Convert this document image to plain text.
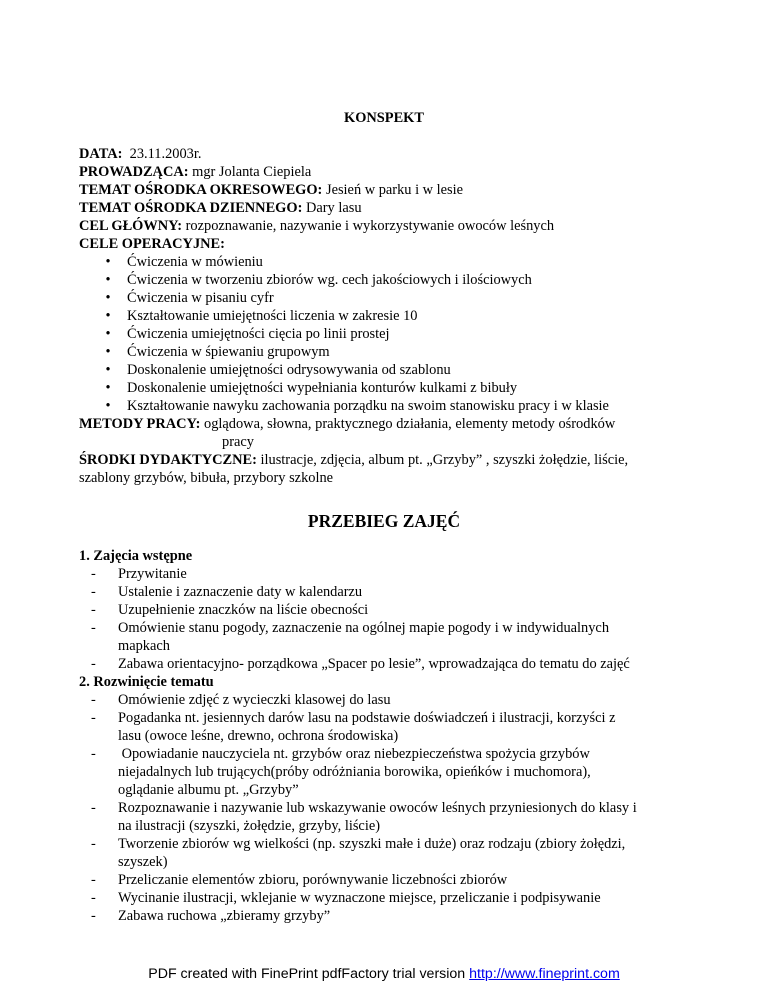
KONSPEKT
DATA: 23.11.2003r.
PROWADZĄCA: mgr Jolanta Ciepiela
TEMAT OŚRODKA OKRESOWEGO: Jesień w parku i w lesie
TEMAT OŚRODKA DZIENNEGO: Dary lasu
CEL GŁÓWNY: rozpoznawanie, nazywanie i wykorzystywanie owoców leśnych
CELE OPERACYJNE:
• Ćwiczenia w mówieniu
• Ćwiczenia w tworzeniu zbiorów wg. cech jakościowych i ilościowych
• Ćwiczenia w pisaniu cyfr
• Kształtowanie umiejętności liczenia w zakresie 10
• Ćwiczenia umiejętności cięcia po linii prostej
• Ćwiczenia w śpiewaniu grupowym
• Doskonalenie umiejętności odrysowywania od szablonu
• Doskonalenie umiejętności wypełniania konturów kulkami z bibuły
• Kształtowanie nawyku zachowania porządku na swoim stanowisku pracy i w klasie
METODY PRACY: oglądowa, słowna, praktycznego działania, elementy metody ośrodków
pracy
ŚRODKI DYDAKTYCZNE: ilustracje, zdjęcia, album pt. „Grzyby” , szyszki żołędzie, liście,
szablony grzybów, bibuła, przybory szkolne
PRZEBIEG ZAJĘĆ
1. Zajęcia wstępne
- Przywitanie
- Ustalenie i zaznaczenie daty w kalendarzu
- Uzupełnienie znaczków na liście obecności
- Omówienie stanu pogody, zaznaczenie na ogólnej mapie pogody i w indywidualnych
mapkach
- Zabawa orientacyjno- porządkowa „Spacer po lesie”, wprowadzająca do tematu do zajęć
2. Rozwinięcie tematu
- Omówienie zdjęć z wycieczki klasowej do lasu
- Pogadanka nt. jesiennych darów lasu na podstawie doświadczeń i ilustracji, korzyści z
lasu (owoce leśne, drewno, ochrona środowiska)
- Opowiadanie nauczyciela nt. grzybów oraz niebezpieczeństwa spożycia grzybów
niejadalnych lub trujących(próby odróżniania borowika, opieńków i muchomora),
oglądanie albumu pt. „Grzyby”
- Rozpoznawanie i nazywanie lub wskazywanie owoców leśnych przyniesionych do klasy i
na ilustracji (szyszki, żołędzie, grzyby, liście)
- Tworzenie zbiorów wg wielkości (np. szyszki małe i duże) oraz rodzaju (zbiory żołędzi,
szyszek)
- Przeliczanie elementów zbioru, porównywanie liczebności zbiorów
- Wycinanie ilustracji, wklejanie w wyznaczone miejsce, przeliczanie i podpisywanie
- Zabawa ruchowa „zbieramy grzyby”
PDF created with FinePrint pdfFactory trial version http://www.fineprint.com
